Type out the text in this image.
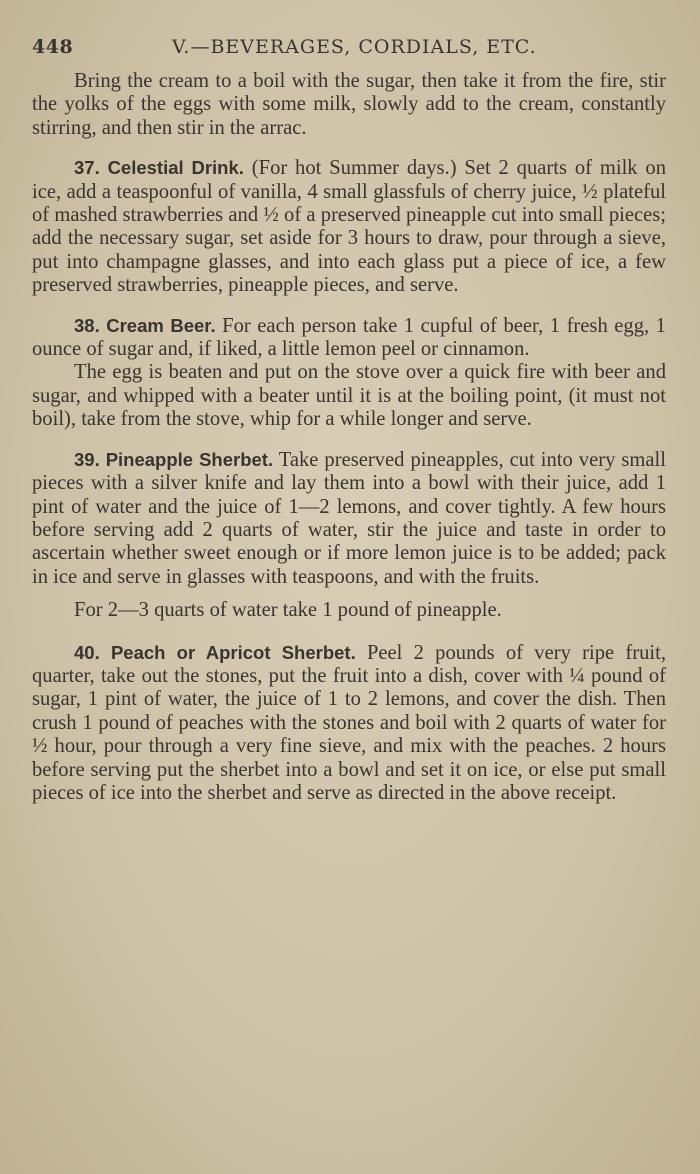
448	V.—BEVERAGES, CORDIALS, ETC.

Bring the cream to a boil with the sugar, then take it from the fire, stir the yolks of the eggs with some milk, slowly add to the cream, constantly stirring, and then stir in the arrac.

37. Celestial Drink. (For hot Summer days.) Set 2 quarts of milk on ice, add a teaspoonful of vanilla, 4 small glassfuls of cherry juice, ½ plateful of mashed strawberries and ½ of a preserved pineapple cut into small pieces; add the necessary sugar, set aside for 3 hours to draw, pour through a sieve, put into champagne glasses, and into each glass put a piece of ice, a few preserved strawberries, pineapple pieces, and serve.

38. Cream Beer. For each person take 1 cupful of beer, 1 fresh egg, 1 ounce of sugar and, if liked, a little lemon peel or cinnamon.

The egg is beaten and put on the stove over a quick fire with beer and sugar, and whipped with a beater until it is at the boiling point, (it must not boil), take from the stove, whip for a while longer and serve.

39. Pineapple Sherbet. Take preserved pineapples, cut into very small pieces with a silver knife and lay them into a bowl with their juice, add 1 pint of water and the juice of 1—2 lemons, and cover tightly. A few hours before serving add 2 quarts of water, stir the juice and taste in order to ascertain whether sweet enough or if more lemon juice is to be added; pack in ice and serve in glasses with teaspoons, and with the fruits.

For 2—3 quarts of water take 1 pound of pineapple.

40. Peach or Apricot Sherbet. Peel 2 pounds of very ripe fruit, quarter, take out the stones, put the fruit into a dish, cover with ¼ pound of sugar, 1 pint of water, the juice of 1 to 2 lemons, and cover the dish. Then crush 1 pound of peaches with the stones and boil with 2 quarts of water for ½ hour, pour through a very fine sieve, and mix with the peaches. 2 hours before serving put the sherbet into a bowl and set it on ice, or else put small pieces of ice into the sherbet and serve as directed in the above receipt.
